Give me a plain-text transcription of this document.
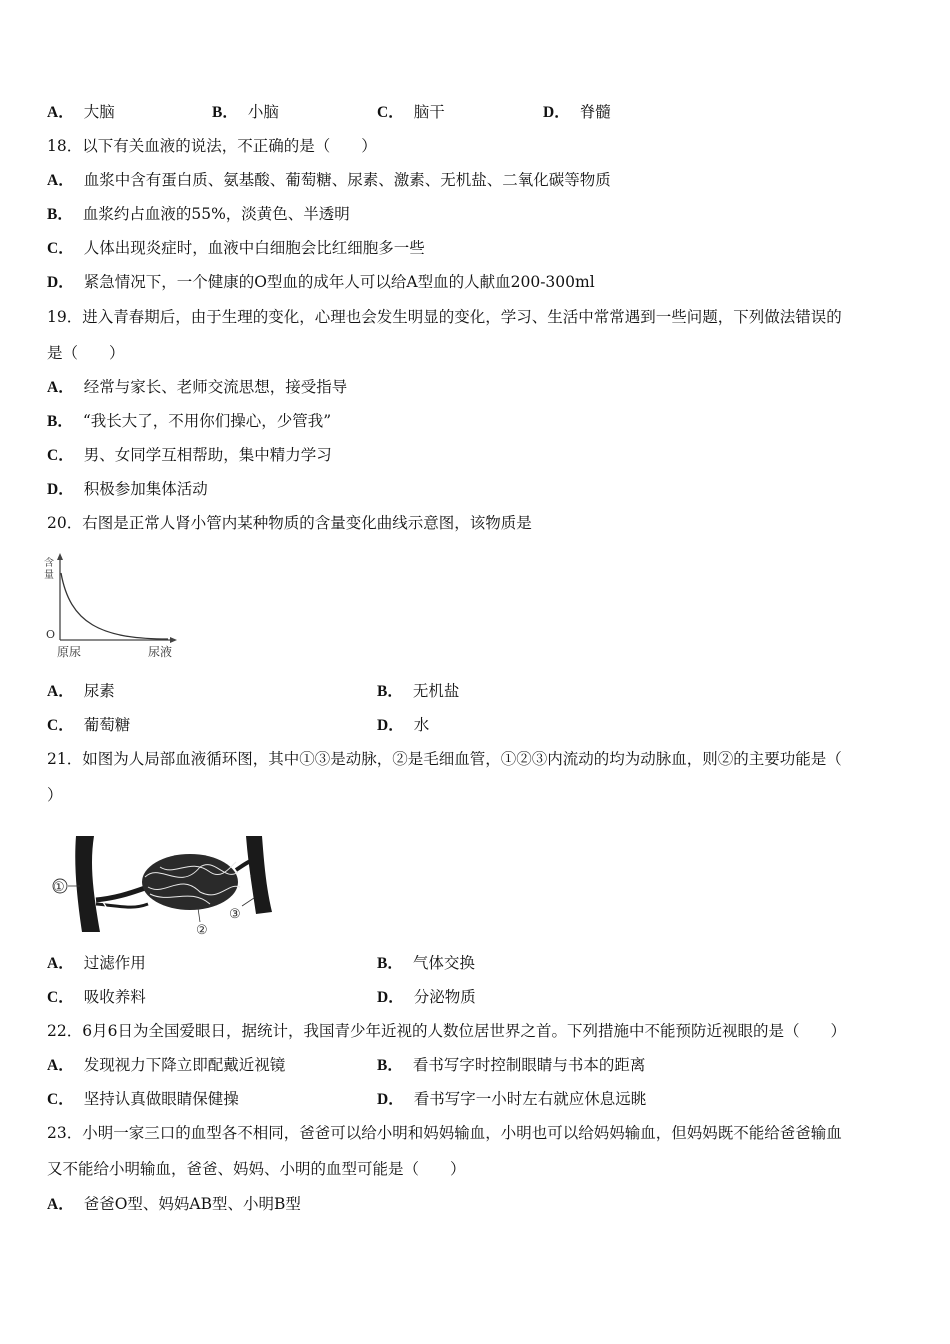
A． 大脑	B． 小脑	C． 脑干	D． 脊髓
18．以下有关血液的说法，不正确的是（　　）
A． 血浆中含有蛋白质、氨基酸、葡萄糖、尿素、激素、无机盐、二氧化碳等物质
B． 血浆约占血液的55%，淡黄色、半透明
C． 人体出现炎症时，血液中白细胞会比红细胞多一些
D． 紧急情况下，一个健康的O型血的成年人可以给A型血的人献血200-300ml
19．进入青春期后，由于生理的变化，心理也会发生明显的变化，学习、生活中常常遇到一些问题，下列做法错误的
是（　　）
A． 经常与家长、老师交流思想，接受指导
B． “我长大了，不用你们操心，少管我”
C． 男、女同学互相帮助，集中精力学习
D． 积极参加集体活动
20．右图是正常人肾小管内某种物质的含量变化曲线示意图，该物质是
含
量
O
原尿	尿液
A． 尿素	B． 无机盐
C． 葡萄糖	D． 水
21．如图为人局部血液循环图，其中①③是动脉，②是毛细血管，①②③内流动的均为动脉血，则②的主要功能是（
）
①
②
③
A． 过滤作用	B． 气体交换
C． 吸收养料	D． 分泌物质
22．6月6日为全国爱眼日，据统计，我国青少年近视的人数位居世界之首。下列措施中不能预防近视眼的是（　　）
A． 发现视力下降立即配戴近视镜	B． 看书写字时控制眼睛与书本的距离
C． 坚持认真做眼睛保健操	D． 看书写字一小时左右就应休息远眺
23．小明一家三口的血型各不相同，爸爸可以给小明和妈妈输血，小明也可以给妈妈输血，但妈妈既不能给爸爸输血
又不能给小明输血，爸爸、妈妈、小明的血型可能是（　　）
A． 爸爸O型、妈妈AB型、小明B型
